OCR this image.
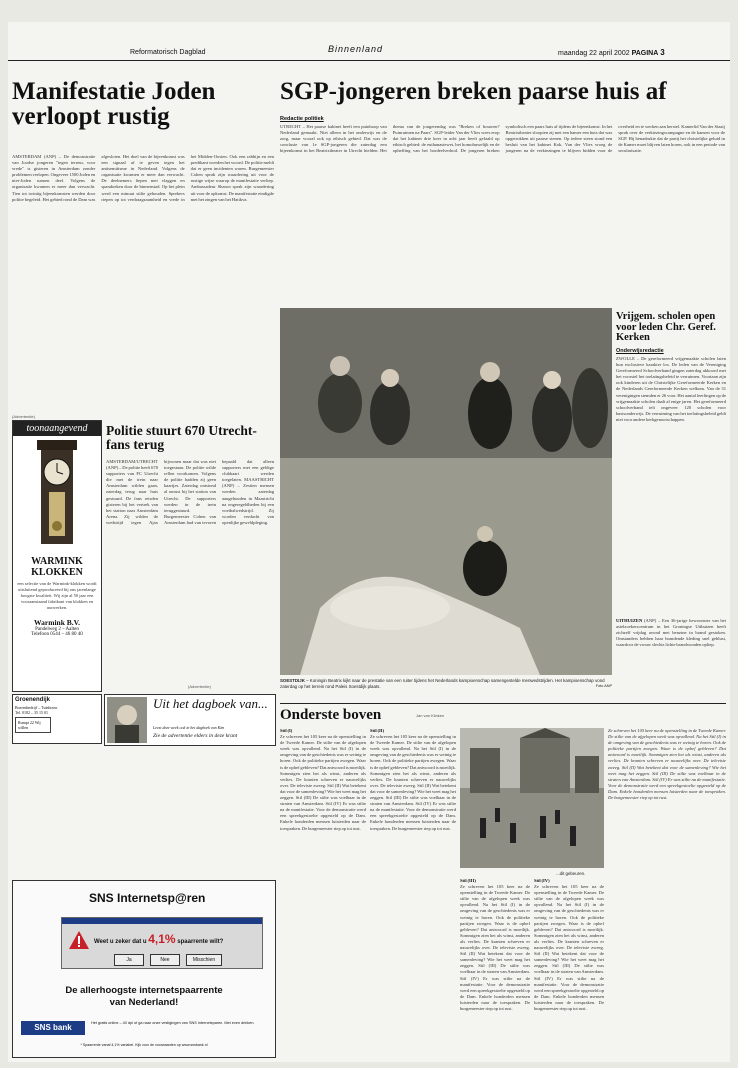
Reformatorisch Dagblad	Binnenland	maandag 22 april 2002 PAGINA 3
Manifestatie Joden verloopt rustig
AMSTERDAM (ANP) – De demonstratie van Joodse jongeren "tegen terreur, voor vrede" is gisteren in Amsterdam zonder problemen verlopen. Ongeveer 1500 Joden en niet-Joden namen deel. Volgens de organisatie kwamen er meer dan verwacht. Tien tot twintig bijeenkomsten werden door politie begeleid. Het gebied rond de Dam was afgesloten. Het doel van de bijeenkomst was een signaal af te geven tegen het antisemitisme in Nederland. Volgens de organisatie kwamen er meer dan verwacht. De deelnemers liepen met vlaggen en spandoeken door de binnenstad. Op het plein werd een minuut stilte gehouden. Sprekers riepen op tot verdraagzaamheid en vrede in het Midden-Oosten. Ook een rabbijn en een predikant voerden het woord. De politie meldt dat er geen incidenten waren. Burgemeester Cohen sprak zijn waardering uit voor de rustige wijze waarop de manifestatie verliep. Ambassadeur Sharon sprak zijn waardering uit voor de opkomst. De manifestatie eindigde met het zingen van het Hatikva.
SGP-jongeren breken paarse huis af
Redactie politiek
UTRECHT – Het paarse kabinet heeft een puinhoop van Nederland gemaakt. Niet alleen in het onderwijs en de zorg, maar vooral ook op ethisch gebied. Dat was de conclusie van 1e SGP-jongeren die zaterdag een bijeenkomst in het Beatrixtheater in Utrecht hielden. Het thema van de jongerendag was "Breken of bouwen? Puinruimen na Paars". SGP-leider Van der Vlies wees erop dat het kabinet drie keer in acht jaar heeft gefaald op ethisch gebied: de euthanasiewet, het homohuwelijk en de opheffing van het bordeelverbod. De jongeren breken symbolisch een paars huis af tijdens de bijeenkomst. In het Beatrixtheater sloopten zij met een hamer een huis dat was opgetrokken uit paarse stenen. Op iedere steen stond een besluit van het kabinet Kok. Van der Vlies vroeg de jongeren na de verkiezingen te blijven bidden voor de overheid en te werken aan herstel. Kamerlid Van der Staaij sprak over de verkiezingscampagne en de kansen voor de SGP. Hij benadrukte dat de partij het christelijke geluid in de Kamer moet blijven laten horen, ook in een periode van secularisatie.
SOESTDIJK – Koningin Beatrix kijkt naar de prestatie van een ruiter tijdens het Nederlands kampioenschap samengestelde menwedstrijden. Het kampioenschap vond zaterdag op het terrein rond Paleis Soestdijk plaats.	Foto ANP
Vrijgem. scholen open voor leden Chr. Geref. Kerken
Onderwijsredactie
ZWOLLE – De gereformeerd vrijgemaakte scholen laten hun exclusieve karakter los. De leden van de Vereniging Gereformeerd Schoolverband gingen zaterdag akkoord met het voorstel het toelatingsbeleid te verruimen. Voortaan zijn ook kinderen uit de Christelijke Gereformeerde Kerken en de Nederlands Gereformeerde Kerken welkom. Van de 31 verenigingen stemden er 26 voor. Het aantal leerlingen op de vrijgemaakte scholen daalt al enige jaren. Het gereformeerd schoolverband telt ongeveer 120 scholen voor basisonderwijs. De verruiming van het toelatingsbeleid geldt niet voor andere kerkgenootschappen.
UITHUIZEN (ANP) – Een 36-jarige bewoonster van het asielzoekerscentrum in het Groningse Uithuizen heeft zichzelf vrijdag avond met benzine in brand gestoken. Omstanders hebben haar brandende kleding snel geblust, waardoor de vrouw slechts lichte brandwonden opliep.
(Advertentie)
toonaangevend
WARMINK KLOKKEN
een selectie van de Warmink-klokken wordt uitsluitend geproduceerd bij ons jarenlange hoogste kwaliteit. Wij zijn al 50 jaar een vooraanstaand fabrikant van klokken en uurwerken.
Warmink B.V.
Pandelweg 2 – Aalten
Telefoon 0544 – 46 80 40
Politie stuurt 670 Utrecht-fans terug
AMSTERDAM/UTRECHT (ANP) – De politie heeft 670 supporters van FC Utrecht die met de trein naar Amsterdam wilden gaan, zaterdag terug naar huis gestuurd. De fans reisden gisteren bij het vertrek van het station naar Amsterdam Arena. Zij wilden de wedstrijd tegen Ajax bijwonen maar dat was niet toegestaan. De politie wilde rellen voorkomen. Volgens de politie hadden zij geen kaartjes. Zaterdag ontstond al onrust bij het station van Utrecht. De supporters werden in de trein teruggestuurd. Burgemeester Cohen van Amsterdam had van tevoren bepaald dat alleen supporters met een geldige clubkaart werden toegelaten. MAASTRICHT (ANP) – Zestien mensen werden zaterdag aangehouden in Maastricht na ongeregeldheden bij een voetbalwedstrijd. Zij worden verdacht van openlijke geweldpleging.
(Advertentie)
Groenendijk
Boerenbedrijf – Tuinbouw
Tel. 0182 – 35 15 01
Rumpt 22 Wij willen
Uit het dagboek van...
Leest deze week ook in het dagboek van Kim
Zie de advertentie elders in deze krant
Onderste boven	Jan van Klinken
Stil (I)
Ze schreven het 105 keer na de openstelling in de Tweede Kamer. De stilte van de afgelopen week was opvallend. Na het Stil (I) in de omgeving van de geschiedenis was er weinig te horen. Ook de politieke partijen zwegen. Waar is de ophef gebleven? Dat antwoord is moeilijk. Sommigen zien het als winst, anderen als verlies. De kranten schreven er nauwelijks over. De televisie zweeg. Stil (II) Wat betekent dat voor de samenleving? Wie het weet mag het zeggen. Stil (III) De stilte was voelbaar in de straten van Amsterdam. Stil (IV) Er was stilte na de manifestatie. Voor de demonstratie werd een spreekgestoelte opgesteld op de Dam. Enkele honderden mensen luisterden naar de toespraken. De burgemeester riep op tot rust.
Stil (II)
Ze schreven het 105 keer na de openstelling in de Tweede Kamer. De stilte van de afgelopen week was opvallend. Na het Stil (I) in de omgeving van de geschiedenis was er weinig te horen. Ook de politieke partijen zwegen. Waar is de ophef gebleven? Dat antwoord is moeilijk. Sommigen zien het als winst, anderen als verlies. De kranten schreven er nauwelijks over. De televisie zweeg. Stil (II) Wat betekent dat voor de samenleving? Wie het weet mag het zeggen. Stil (III) De stilte was voelbaar in de straten van Amsterdam. Stil (IV) Er was stilte na de manifestatie. Voor de demonstratie werd een spreekgestoelte opgesteld op de Dam. Enkele honderden mensen luisterden naar de toespraken. De burgemeester riep op tot rust.
...dit gebeuren.
Stil (III)
Ze schreven het 105 keer na de openstelling in de Tweede Kamer. De stilte van de afgelopen week was opvallend. Na het Stil (I) in de omgeving van de geschiedenis was er weinig te horen. Ook de politieke partijen zwegen. Waar is de ophef gebleven? Dat antwoord is moeilijk. Sommigen zien het als winst, anderen als verlies. De kranten schreven er nauwelijks over. De televisie zweeg. Stil (II) Wat betekent dat voor de samenleving? Wie het weet mag het zeggen. Stil (III) De stilte was voelbaar in de straten van Amsterdam. Stil (IV) Er was stilte na de manifestatie. Voor de demonstratie werd een spreekgestoelte opgesteld op de Dam. Enkele honderden mensen luisterden naar de toespraken. De burgemeester riep op tot rust.
Stil (IV)
Ze schreven het 105 keer na de openstelling in de Tweede Kamer. De stilte van de afgelopen week was opvallend. Na het Stil (I) in de omgeving van de geschiedenis was er weinig te horen. Ook de politieke partijen zwegen. Waar is de ophef gebleven? Dat antwoord is moeilijk. Sommigen zien het als winst, anderen als verlies. De kranten schreven er nauwelijks over. De televisie zweeg. Stil (II) Wat betekent dat voor de samenleving? Wie het weet mag het zeggen. Stil (III) De stilte was voelbaar in de straten van Amsterdam. Stil (IV) Er was stilte na de manifestatie. Voor de demonstratie werd een spreekgestoelte opgesteld op de Dam. Enkele honderden mensen luisterden naar de toespraken. De burgemeester riep op tot rust.
Ze schreven het 105 keer na de openstelling in de Tweede Kamer. De stilte van de afgelopen week was opvallend. Na het Stil (I) in de omgeving van de geschiedenis was er weinig te horen. Ook de politieke partijen zwegen. Waar is de ophef gebleven? Dat antwoord is moeilijk. Sommigen zien het als winst, anderen als verlies. De kranten schreven er nauwelijks over. De televisie zweeg. Stil (II) Wat betekent dat voor de samenleving? Wie het weet mag het zeggen. Stil (III) De stilte was voelbaar in de straten van Amsterdam. Stil (IV) Er was stilte na de manifestatie. Voor de demonstratie werd een spreekgestoelte opgesteld op de Dam. Enkele honderden mensen luisterden naar de toespraken. De burgemeester riep op tot rust.
SNS Internetsp@ren
Weet u zeker dat u 4,1% spaarrente wilt?
Ja	Nee	Misschien
De allerhoogste internetspaarrente
van Nederland!
SNS bank	Het gratis online – 40 dpi of ga naar onze vestigingen van SNS Internetsparen. Met even drinken.
* Spaarrente vanaf 4,1% variabel. Kijk voor de voorwaarden op www.snsbank.nl
